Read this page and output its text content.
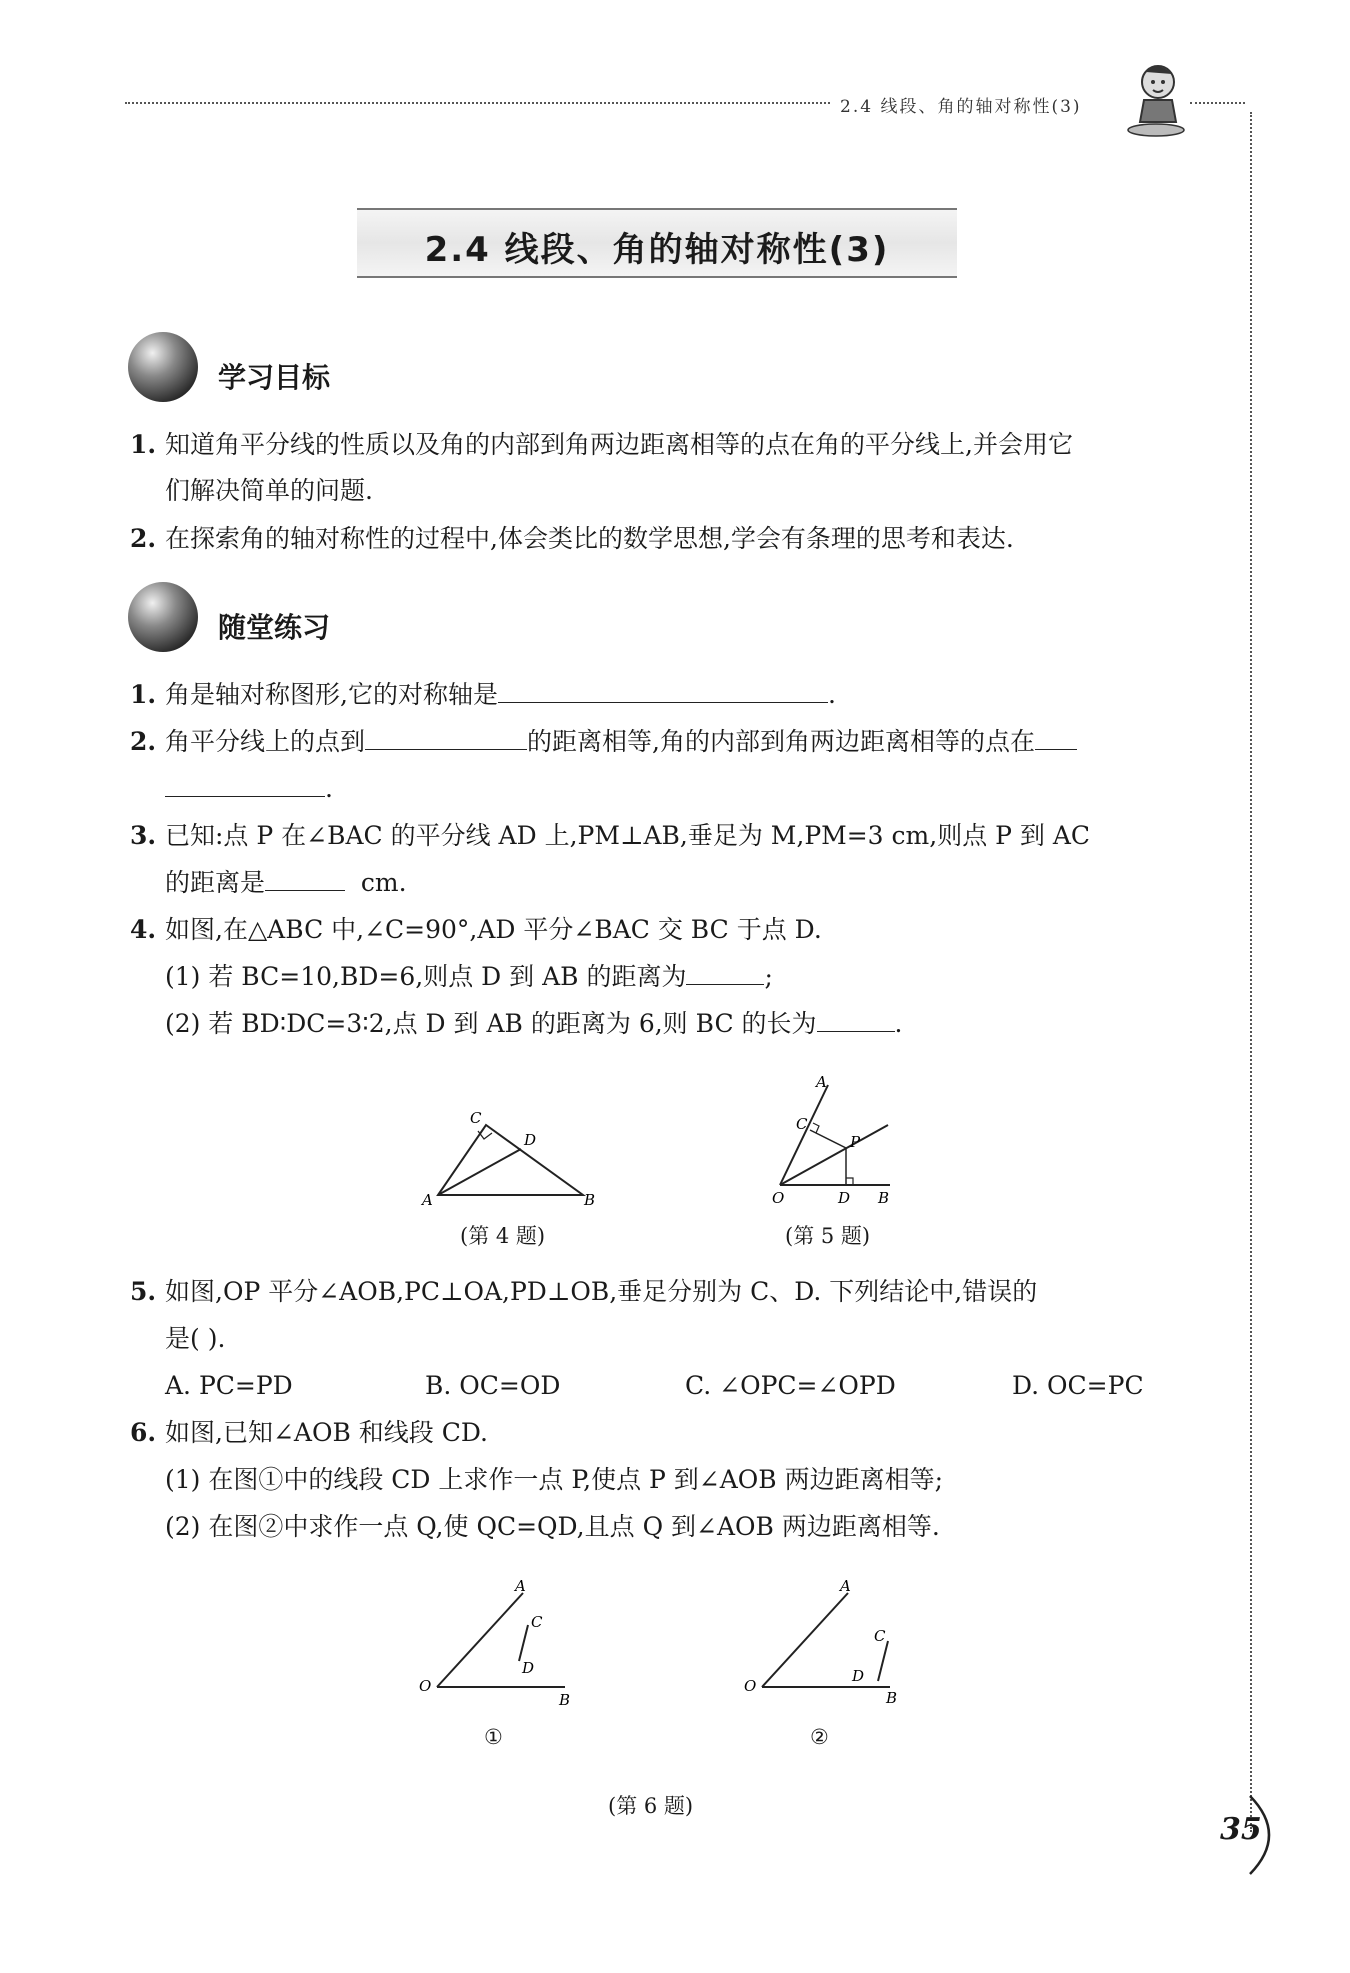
2.4 线段、角的轴对称性(3)
2.4 线段、角的轴对称性(3)
学习目标
1. 知道角平分线的性质以及角的内部到角两边距离相等的点在角的平分线上,并会用它
们解决简单的问题.
2. 在探索角的轴对称性的过程中,体会类比的数学思想,学会有条理的思考和表达.
随堂练习
1. 角是轴对称图形,它的对称轴是	.
2. 角平分线上的点到	的距离相等,角的内部到角两边距离相等的点在
.
3. 已知:点 P 在∠BAC 的平分线 AD 上,PM⊥AB,垂足为 M,PM=3 cm,则点 P 到 AC
的距离是	cm.
4. 如图,在△ABC 中,∠C=90°,AD 平分∠BAC 交 BC 于点 D.
(1) 若 BC=10,BD=6,则点 D 到 AB 的距离为	;
(2) 若 BD∶DC=3∶2,点 D 到 AB 的距离为 6,则 BC 的长为	.
C
D
A	B
(第 4 题)
A
C
P
O	D B
(第 5 题)
5. 如图,OP 平分∠AOB,PC⊥OA,PD⊥OB,垂足分别为 C、D. 下列结论中,错误的
是( ).
A. PC=PD	B. OC=OD	C. ∠OPC=∠OPD	D. OC=PC
6. 如图,已知∠AOB 和线段 CD.
(1) 在图①中的线段 CD 上求作一点 P,使点 P 到∠AOB 两边距离相等;
(2) 在图②中求作一点 Q,使 QC=QD,且点 Q 到∠AOB 两边距离相等.
A
C
D
O
B
①
A
C
D
O
B
②
(第 6 题)
35
